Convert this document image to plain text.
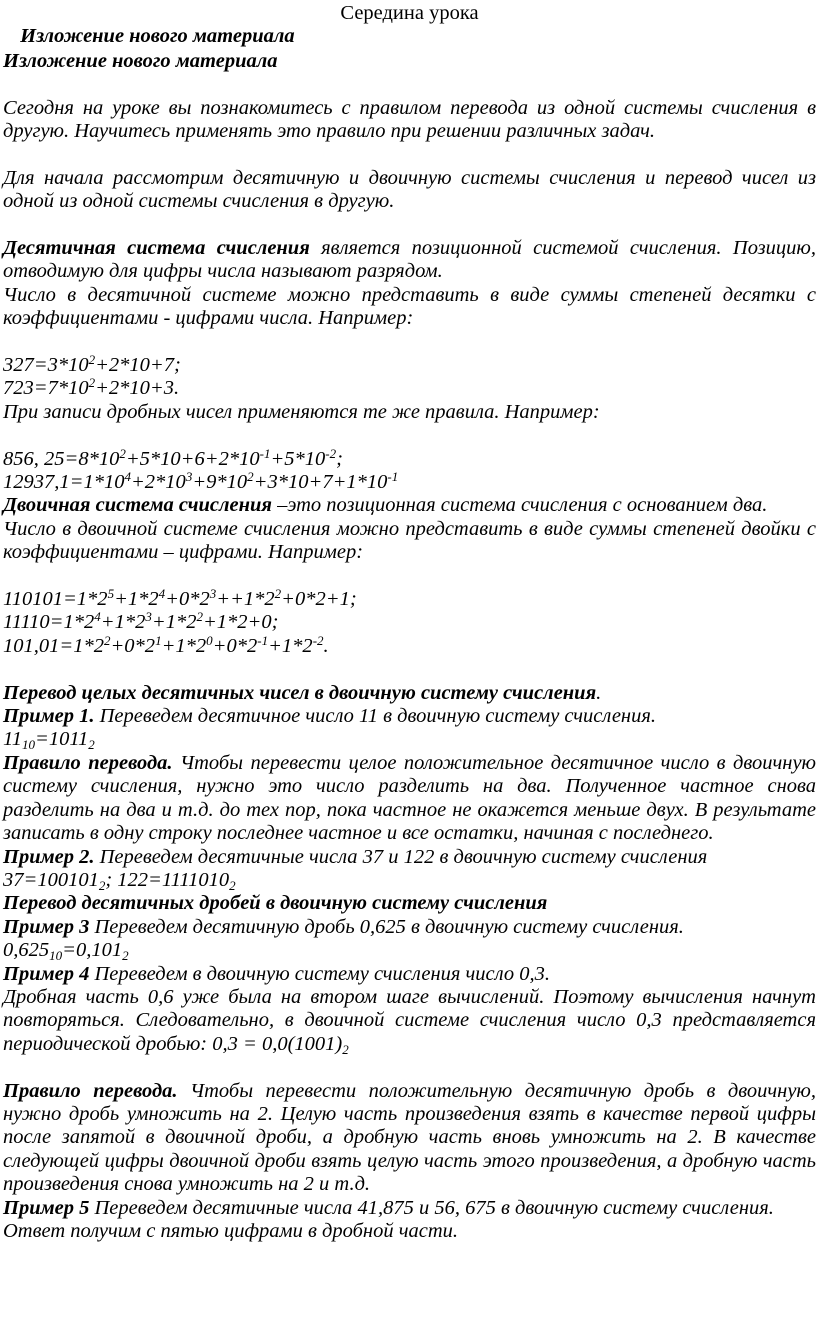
Середина урока

Изложение нового материала

Изложение нового материала

Сегодня на уроке вы познакомитесь с правилом перевода из одной системы счисления в другую. Научитесь применять это правило при решении различных задач.

Для начала рассмотрим десятичную и двоичную системы счисления и перевод чисел из одной из одной системы счисления в другую.

Десятичная система счисления является позиционной системой счисления. Позицию, отводимую для цифры числа называют разрядом.

Число в десятичной системе можно представить в виде суммы степеней десятки с коэффициентами - цифрами числа. Например:

$327=3*10^2+2*10+7$;

$723=7*10^2+2*10+3$.

При записи дробных чисел применяются те же правила. Например:

856, $25=8*10^2+5*10+6+2*10^{-1}+5*10^{-2}$;

$12937,1=1*10^4+2*10^3+9*10^2+3*10+7+1*10^{-1}$

Двоичная система счисления –это позиционная система счисления с основанием два.

Число в двоичной системе счисления можно представить в виде суммы степеней двойки с коэффициентами – цифрами. Например:

$110101=1*2^5+1*2^4+0*2^3++1*2^2+0*2+1$;

$11110=1*2^4+1*2^3+1*2^2+1*2+0$;

$101,01=1*2^2+0*2^1+1*2^0+0*2^{-1}+1*2^{-2}$.

Перевод целых десятичных чисел в двоичную систему счисления.

Пример 1. Переведем десятичное число 11 в двоичную систему счисления.

$11_{10}=1011_2$

Правило перевода. Чтобы перевести целое положительное десятичное число в двоичную систему счисления, нужно это число разделить на два. Полученное частное снова разделить на два и т.д. до тех пор, пока частное не окажется меньше двух. В результате записать в одну строку последнее частное и все остатки, начиная с последнего.

Пример 2. Переведем десятичные числа 37 и 122 в двоичную систему счисления

$37=100101_2$; $122=1111010_2$

Перевод десятичных дробей в двоичную систему счисления

Пример 3 Переведем десятичную дробь 0,625 в двоичную систему счисления.

$0,625_{10}=0,101_2$

Пример 4 Переведем в двоичную систему счисления число 0,3.

Дробная часть 0,6 уже была на втором шаге вычислений. Поэтому вычисления начнут повторяться. Следовательно, в двоичной системе счисления число 0,3 представляется периодической дробью: $0,3 = 0,0(1001)_2$

Правило перевода. Чтобы перевести положительную десятичную дробь в двоичную, нужно дробь умножить на 2. Целую часть произведения взять в качестве первой цифры после запятой в двоичной дроби, а дробную часть вновь умножить на 2. В качестве следующей цифры двоичной дроби взять целую часть этого произведения, а дробную часть произведения снова умножить на 2 и т.д.

Пример 5 Переведем десятичные числа 41,875 и 56, 675 в двоичную систему счисления.

Ответ получим с пятью цифрами в дробной части.
